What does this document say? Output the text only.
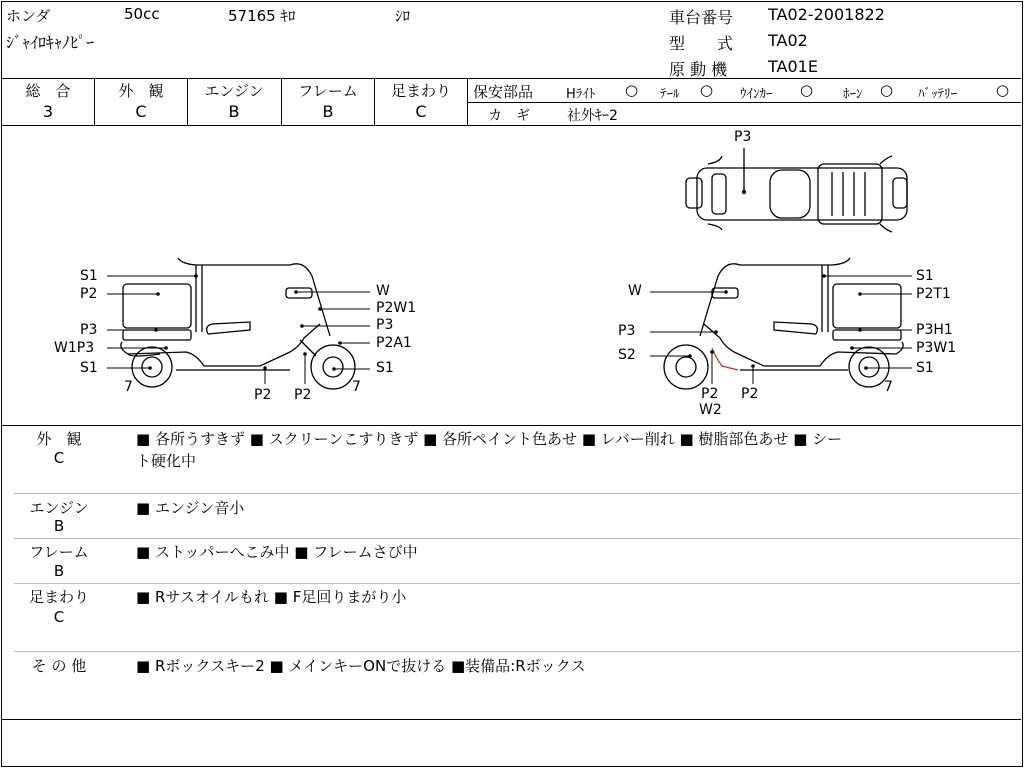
ホンダ	50cc	57165 ｷﾛ	ｼﾛ
ｼﾞｬｲﾛｷｬﾉﾋﾟｰ
車台番号 TA02-2001822
型　　式 TA02
原 動 機	TA01E
総　合
3
外　観
C
エンジン
B
フレーム
B
足まわり
C
保安部品	Hﾗｲﾄ ○ ﾃｰﾙ ○ ｳｲﾝｶｰ ○ ﾎｰﾝ ○ ﾊﾞｯﾃﾘｰ	○
カ　ギ	社外ｷｰ2
P3
S1
P2
P3
W1P3
S1
7	P2 P2	7
W
P2W1
P3
P2A1
S1
W
P3
S2
P2
W2
P2	7
S1
P2T1
P3H1
P3W1
S1
外　観
C
■ 各所うすきず ■ スクリーンこすりきず ■ 各所ペイント色あせ ■ レバー削れ ■ 樹脂部色あせ ■ シー
ト硬化中
エンジン
B
■ エンジン音小
フレーム
B
■ ストッパーへこみ中 ■ フレームさび中
足まわり
C
■ Rサスオイルもれ ■ F足回りまがり小
そ の 他	■ Rボックスキー2 ■ メインキーONで抜ける ■装備品:Rボックス
